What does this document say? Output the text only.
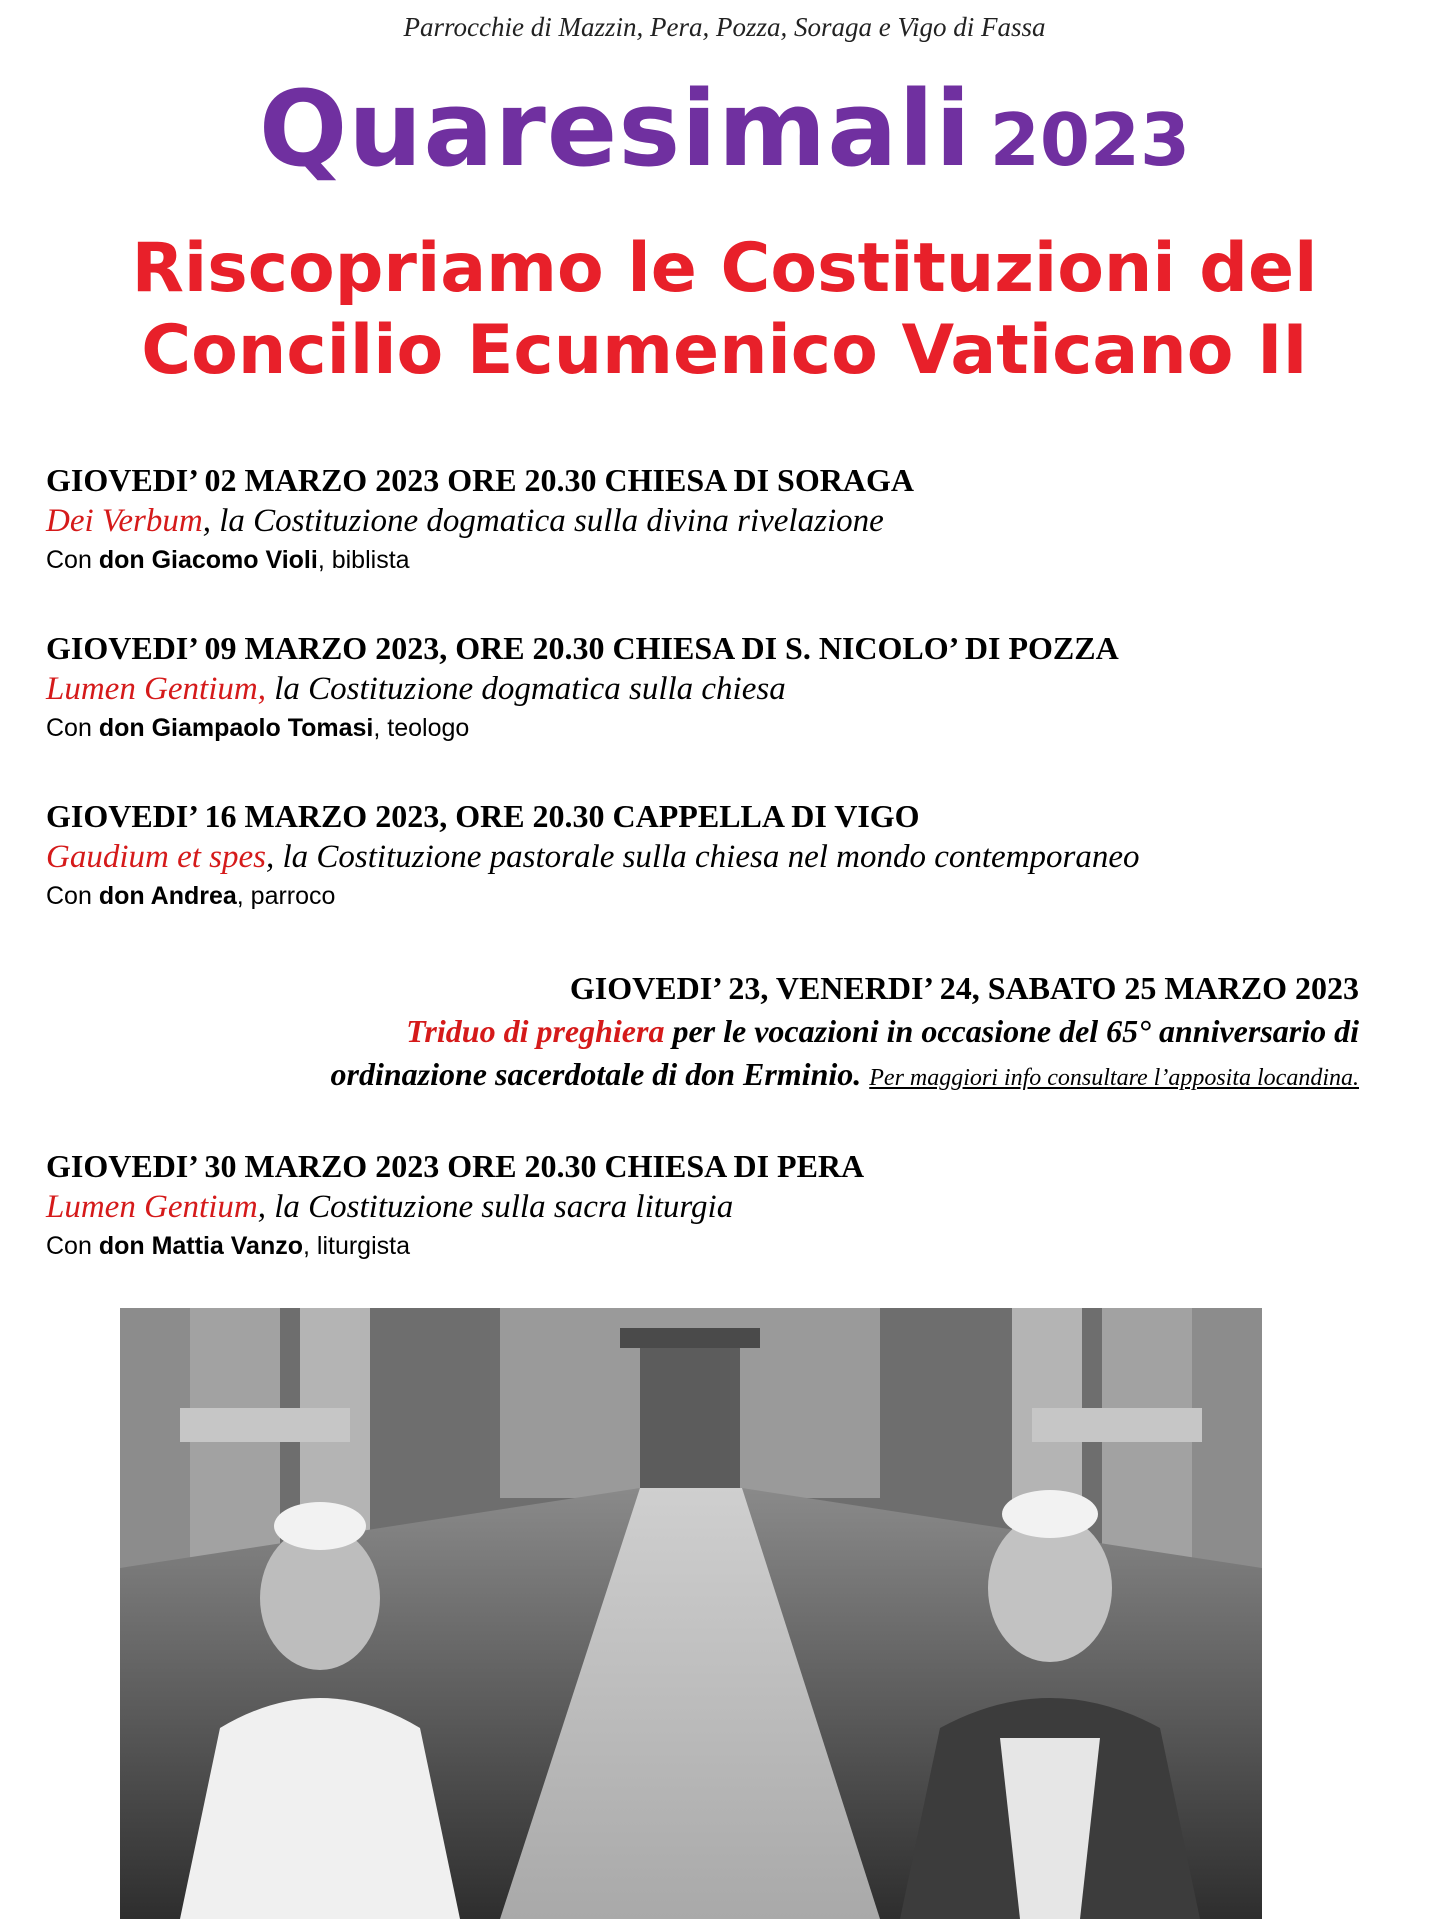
Parrocchie di Mazzin, Pera, Pozza, Soraga e Vigo di Fassa
Quaresimali 2023
Riscopriamo le Costituzioni del
Concilio Ecumenico Vaticano II
GIOVEDI’ 02 MARZO 2023 ORE 20.30 CHIESA DI SORAGA
Dei Verbum, la Costituzione dogmatica sulla divina rivelazione
Con don Giacomo Violi, biblista
GIOVEDI’ 09 MARZO 2023, ORE 20.30 CHIESA DI S. NICOLO’ DI POZZA
Lumen Gentium, la Costituzione dogmatica sulla chiesa
Con don Giampaolo Tomasi, teologo
GIOVEDI’ 16 MARZO 2023, ORE 20.30 CAPPELLA DI VIGO
Gaudium et spes, la Costituzione pastorale sulla chiesa nel mondo contemporaneo
Con don Andrea, parroco
GIOVEDI’ 23, VENERDI’ 24, SABATO 25 MARZO 2023
Triduo di preghiera per le vocazioni in occasione del 65° anniversario di
ordinazione sacerdotale di don Erminio. Per maggiori info consultare l’apposita locandina.
GIOVEDI’ 30 MARZO 2023 ORE 20.30 CHIESA DI PERA
Lumen Gentium, la Costituzione sulla sacra liturgia
Con don Mattia Vanzo, liturgista
